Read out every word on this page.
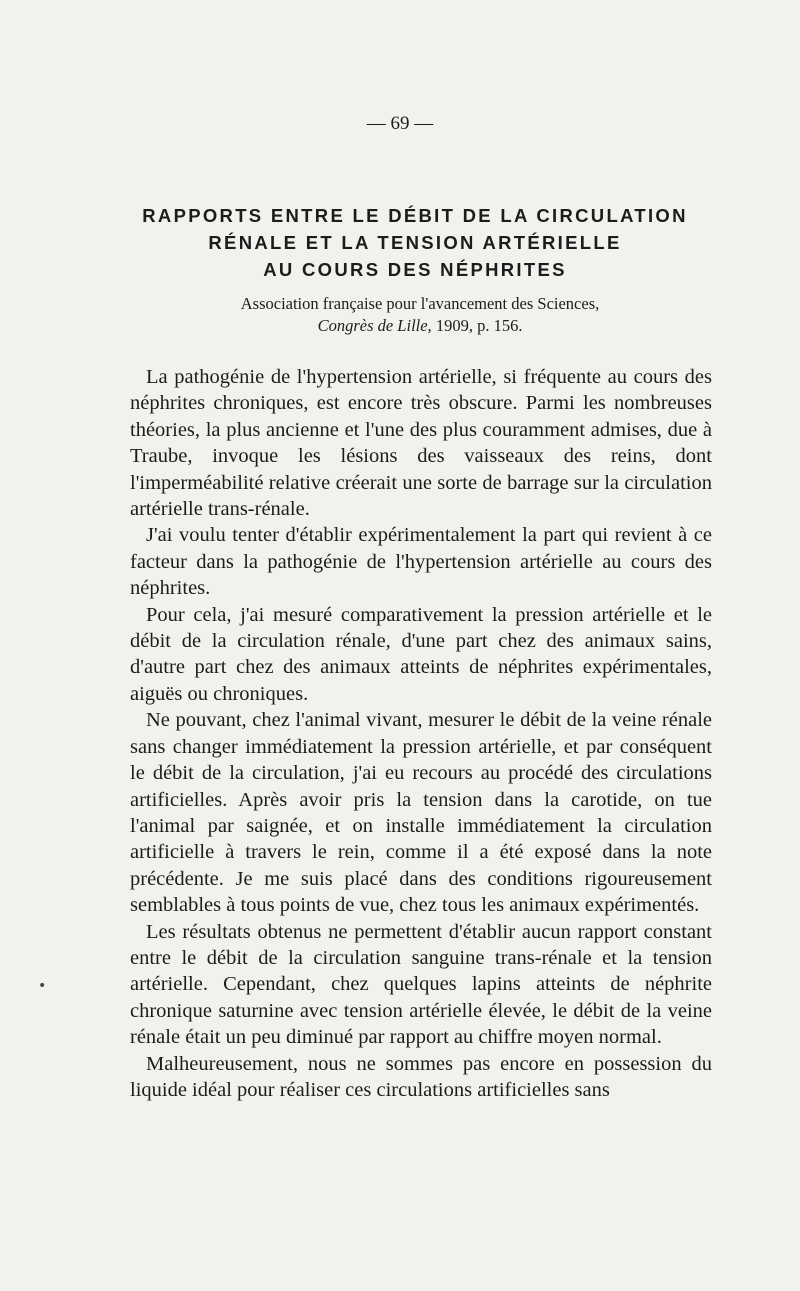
— 69 —
RAPPORTS ENTRE LE DÉBIT DE LA CIRCULATION
RÉNALE ET LA TENSION ARTÉRIELLE
AU COURS DES NÉPHRITES
Association française pour l'avancement des Sciences,
Congrès de Lille, 1909, p. 156.

La pathogénie de l'hypertension artérielle, si fréquente au cours des néphrites chroniques, est encore très obscure. Parmi les nombreuses théories, la plus ancienne et l'une des plus couramment admises, due à Traube, invoque les lésions des vaisseaux des reins, dont l'imperméabilité relative créerait une sorte de barrage sur la circulation artérielle trans-rénale.

J'ai voulu tenter d'établir expérimentalement la part qui revient à ce facteur dans la pathogénie de l'hypertension artérielle au cours des néphrites.

Pour cela, j'ai mesuré comparativement la pression artérielle et le débit de la circulation rénale, d'une part chez des animaux sains, d'autre part chez des animaux atteints de néphrites expérimentales, aiguës ou chroniques.

Ne pouvant, chez l'animal vivant, mesurer le débit de la veine rénale sans changer immédiatement la pression artérielle, et par conséquent le débit de la circulation, j'ai eu recours au procédé des circulations artificielles. Après avoir pris la tension dans la carotide, on tue l'animal par saignée, et on installe immédiatement la circulation artificielle à travers le rein, comme il a été exposé dans la note précédente. Je me suis placé dans des conditions rigoureusement semblables à tous points de vue, chez tous les animaux expérimentés.

Les résultats obtenus ne permettent d'établir aucun rapport constant entre le débit de la circulation sanguine trans-rénale et la tension artérielle. Cependant, chez quelques lapins atteints de néphrite chronique saturnine avec tension artérielle élevée, le débit de la veine rénale était un peu diminué par rapport au chiffre moyen normal.

Malheureusement, nous ne sommes pas encore en possession du liquide idéal pour réaliser ces circulations artificielles sans

•
